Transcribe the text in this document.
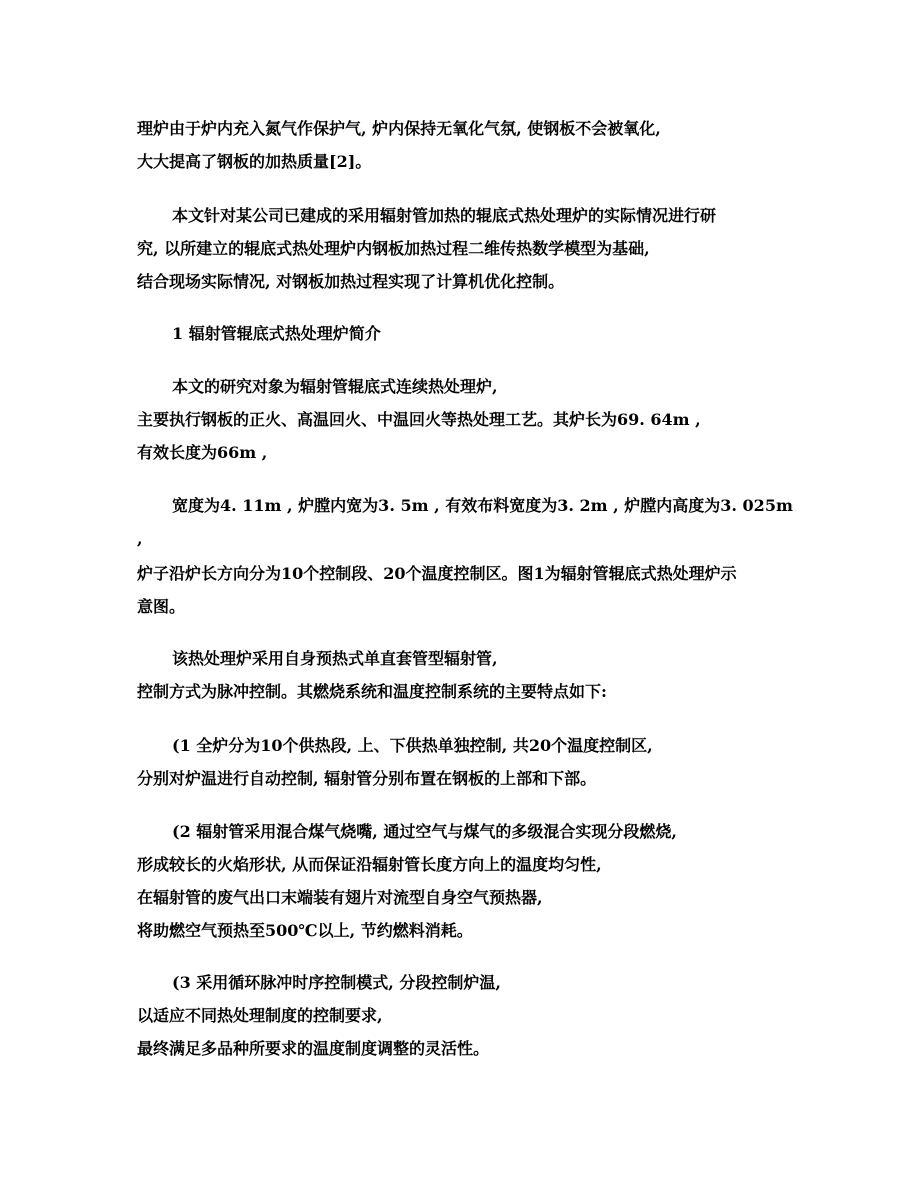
理炉由于炉内充入氮气作保护气, 炉内保持无氧化气氛, 使钢板不会被氧化,
大大提高了钢板的加热质量[2]。
本文针对某公司已建成的采用辐射管加热的辊底式热处理炉的实际情况进行研
究, 以所建立的辊底式热处理炉内钢板加热过程二维传热数学模型为基础,
结合现场实际情况, 对钢板加热过程实现了计算机优化控制。
1 辐射管辊底式热处理炉简介
本文的研究对象为辐射管辊底式连续热处理炉,
主要执行钢板的正火、高温回火、中温回火等热处理工艺。其炉长为69. 64m ,
有效长度为66m ,
宽度为4. 11m , 炉膛内宽为3. 5m , 有效布料宽度为3. 2m , 炉膛内高度为3. 025m
,
炉子沿炉长方向分为10个控制段、20个温度控制区。图1为辐射管辊底式热处理炉示
意图。
该热处理炉采用自身预热式单直套管型辐射管,
控制方式为脉冲控制。其燃烧系统和温度控制系统的主要特点如下:
(1 全炉分为10个供热段, 上、下供热单独控制, 共20个温度控制区,
分别对炉温进行自动控制, 辐射管分别布置在钢板的上部和下部。
(2 辐射管采用混合煤气烧嘴, 通过空气与煤气的多级混合实现分段燃烧,
形成较长的火焰形状, 从而保证沿辐射管长度方向上的温度均匀性,
在辐射管的废气出口末端装有翅片对流型自身空气预热器,
将助燃空气预热至500℃以上, 节约燃料消耗。
(3 采用循环脉冲时序控制模式, 分段控制炉温,
以适应不同热处理制度的控制要求,
最终满足多品种所要求的温度制度调整的灵活性。
